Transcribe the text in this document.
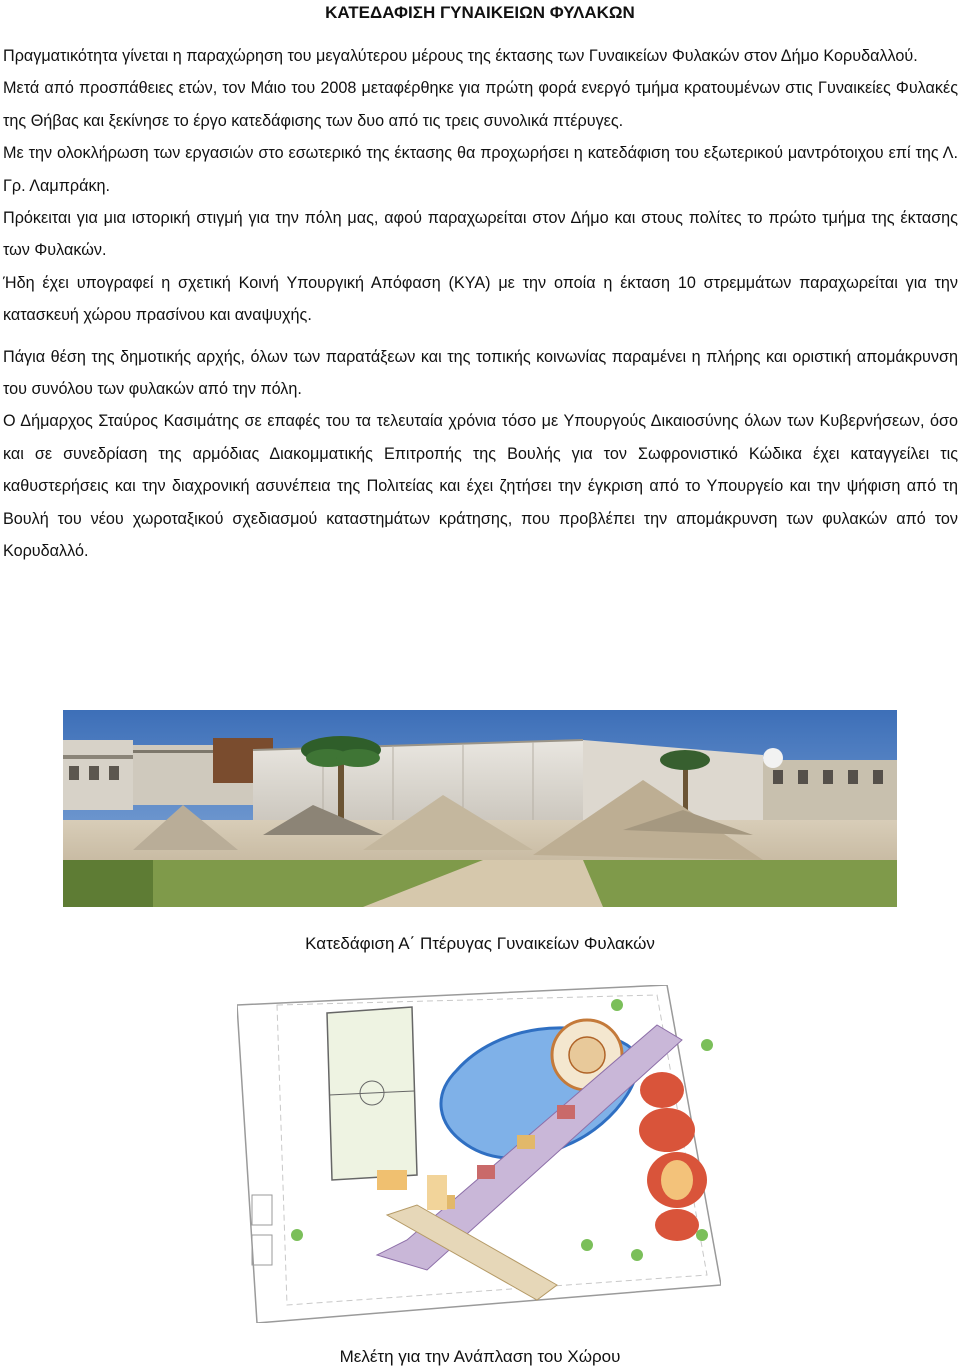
ΚΑΤΕΔΑΦΙΣΗ ΓΥΝΑΙΚΕΙΩΝ ΦΥΛΑΚΩΝ

Πραγματικότητα γίνεται η παραχώρηση του μεγαλύτερου μέρους της έκτασης των Γυναικείων Φυλακών στον Δήμο Κορυδαλλού.

Μετά από προσπάθειες ετών, τον Μάιο του 2008 μεταφέρθηκε για πρώτη φορά ενεργό τμήμα κρατουμένων στις Γυναικείες Φυλακές της Θήβας και ξεκίνησε το έργο κατεδάφισης των δυο από τις τρεις συνολικά πτέρυγες.

Με την ολοκλήρωση των εργασιών στο εσωτερικό της έκτασης θα προχωρήσει η κατεδάφιση του εξωτερικού μαντρότοιχου επί της Λ. Γρ. Λαμπράκη.

Πρόκειται για μια ιστορική στιγμή για την πόλη μας, αφού παραχωρείται στον Δήμο και στους πολίτες το πρώτο τμήμα της έκτασης των Φυλακών.

Ήδη έχει υπογραφεί η σχετική Κοινή Υπουργική Απόφαση (ΚΥΑ) με την οποία η έκταση 10 στρεμμάτων παραχωρείται για την κατασκευή χώρου πρασίνου και αναψυχής.

Πάγια θέση της δημοτικής αρχής, όλων των παρατάξεων και της τοπικής κοινωνίας παραμένει η πλήρης και οριστική απομάκρυνση του συνόλου των φυλακών από την πόλη.

Ο Δήμαρχος Σταύρος Κασιμάτης σε επαφές του τα τελευταία χρόνια τόσο με Υπουργούς Δικαιοσύνης όλων των Κυβερνήσεων, όσο και σε συνεδρίαση της αρμόδιας Διακομματικής Επιτροπής της Βουλής για τον Σωφρονιστικό Κώδικα έχει καταγγείλει τις καθυστερήσεις και την διαχρονική ασυνέπεια της Πολιτείας και έχει ζητήσει την έγκριση από το Υπουργείο και την ψήφιση από τη Βουλή του νέου χωροταξικού σχεδιασμού καταστημάτων κράτησης, που προβλέπει την απομάκρυνση των φυλακών από τον Κορυδαλλό.

Κατεδάφιση Α΄ Πτέρυγας Γυναικείων Φυλακών
Μελέτη για την Ανάπλαση του Χώρου
